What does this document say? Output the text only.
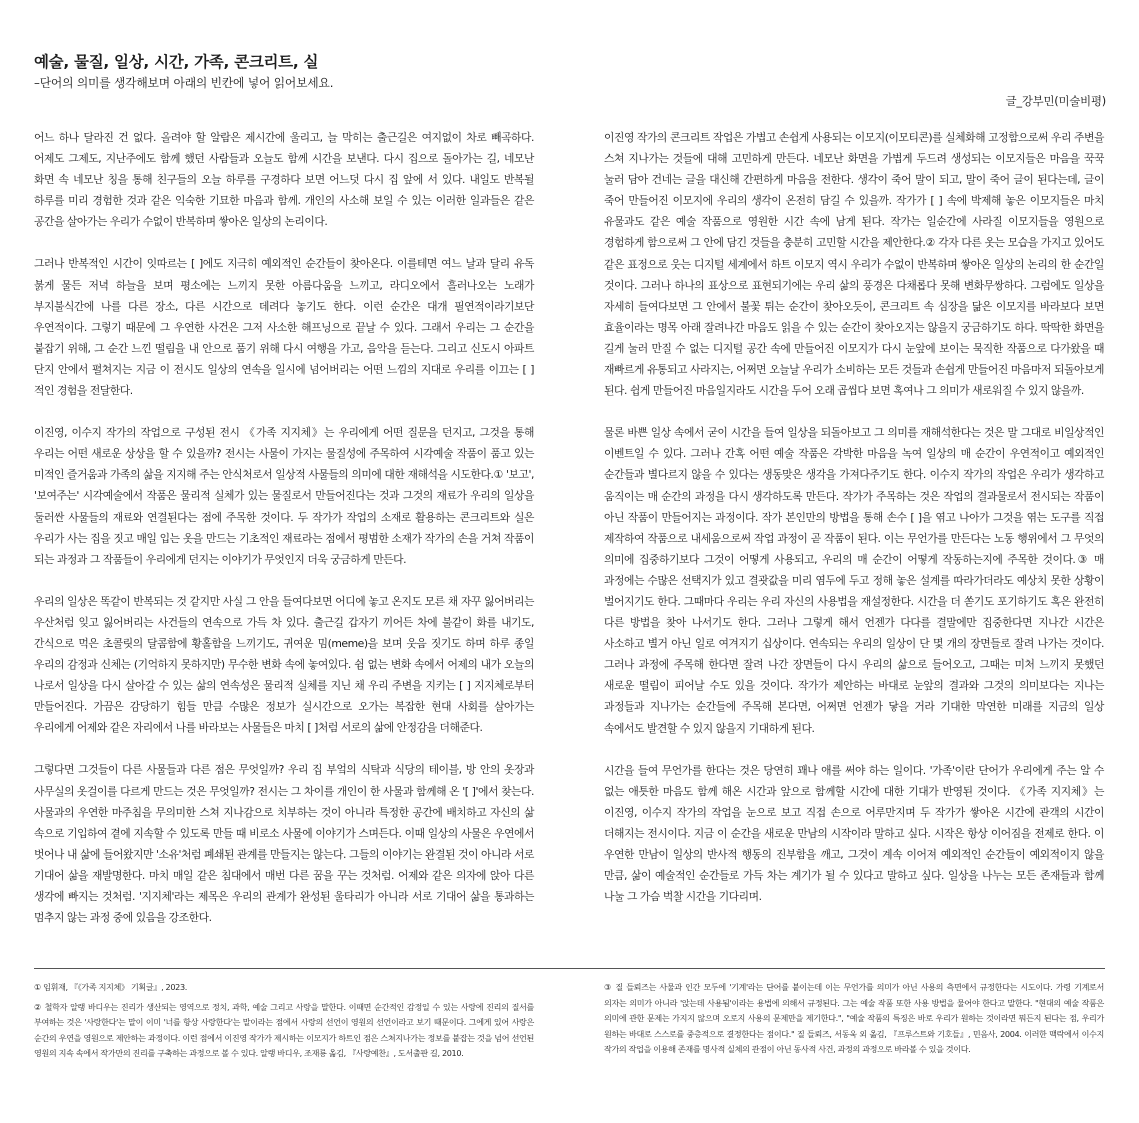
예술, 물질, 일상, 시간, 가족, 콘크리트, 실

–단어의 의미를 생각해보며 아래의 빈칸에 넣어 읽어보세요.

글_강부민(미술비평)

어느 하나 달라진 건 없다. 올려야 할 알람은 제시간에 울리고, 늘 막히는 출근길은 여지없이 차로 빼곡하다. 어제도 그제도, 지난주에도 함께 했던 사람들과 오늘도 함께 시간을 보낸다. 다시 집으로 돌아가는 길, 네모난 화면 속 네모난 칭을 통해 친구들의 오늘 하루를 구경하다 보면 어느덧 다시 집 앞에 서 있다. 내일도 반복될 하루를 미리 경험한 것과 같은 익숙한 기묘한 마음과 함께. 개인의 사소해 보일 수 있는 이러한 일과들은 같은 공간을 살아가는 우리가 수없이 반복하며 쌓아온 일상의 논리이다.

그러나 반복적인 시간이 잇따르는 [ ]에도 지극히 예외적인 순간들이 찾아온다. 이를테면 여느 날과 달리 유독 붉게 물든 저녁 하늘을 보며 평소에는 느끼지 못한 아름다움을 느끼고, 라디오에서 흘러나오는 노래가 부지불식간에 나를 다른 장소, 다른 시간으로 데려다 놓기도 한다. 이런 순간은 대개 필연적이라기보단 우연적이다. 그렇기 때문에 그 우연한 사건은 그저 사소한 해프닝으로 끝날 수 있다. 그래서 우리는 그 순간을 붙잡기 위해, 그 순간 느낀 떨림을 내 안으로 품기 위해 다시 여행을 가고, 음악을 듣는다. 그리고 신도시 아파트 단지 안에서 펼쳐지는 지금 이 전시도 일상의 연속을 일시에 넘어버리는 어떤 느낌의 지대로 우리를 이끄는 [ ]적인 경험을 전달한다.

이진영, 이수지 작가의 작업으로 구성된 전시 《가족 지지체》는 우리에게 어떤 질문을 던지고, 그것을 통해 우리는 어떤 새로운 상상을 할 수 있을까? 전시는 사물이 가지는 물질성에 주목하여 시각예술 작품이 품고 있는 미적인 즐거움과 가족의 삶을 지지해 주는 안식처로서 일상적 사물들의 의미에 대한 재해석을 시도한다.① '보고', '보여주는' 시각예술에서 작품은 물리적 실체가 있는 물질로서 만들어진다는 것과 그것의 재료가 우리의 일상을 둘러싼 사물들의 재료와 연결된다는 점에 주목한 것이다. 두 작가가 작업의 소재로 활용하는 콘크리트와 실은 우리가 사는 집을 짓고 매일 입는 옷을 만드는 기초적인 재료라는 점에서 평범한 소재가 작가의 손을 거쳐 작품이 되는 과정과 그 작품들이 우리에게 던지는 이야기가 무엇인지 더욱 궁금하게 만든다.

우리의 일상은 똑같이 반복되는 것 같지만 사실 그 안을 들여다보면 어디에 놓고 온지도 모른 채 자꾸 잃어버리는 우산처럼 잊고 잃어버리는 사건들의 연속으로 가득 차 있다. 출근길 갑자기 끼어든 차에 불같이 화를 내기도, 간식으로 먹은 초콜릿의 달콤함에 황홀함을 느끼기도, 귀여운 밈(meme)을 보며 웃음 짓기도 하며 하루 종일 우리의 감정과 신체는 (기억하지 못하지만) 무수한 변화 속에 놓여있다. 쉼 없는 변화 속에서 어제의 내가 오늘의 나로서 일상을 다시 살아갈 수 있는 삶의 연속성은 물리적 실체를 지닌 채 우리 주변을 지키는 [ ] 지지체로부터 만들어진다. 가끔은 감당하기 힘들 만큼 수많은 정보가 실시간으로 오가는 복잡한 현대 사회를 살아가는 우리에게 어제와 같은 자리에서 나를 바라보는 사물들은 마치 [ ]처럼 서로의 삶에 안정감을 더해준다.

그렇다면 그것들이 다른 사물들과 다른 점은 무엇일까? 우리 집 부엌의 식탁과 식당의 테이블, 방 안의 옷장과 사무실의 옷걸이를 다르게 만드는 것은 무엇일까? 전시는 그 차이를 개인이 한 사물과 함께해 온 '[ ]'에서 찾는다. 사물과의 우연한 마주침을 무의미한 스쳐 지나감으로 치부하는 것이 아니라 특정한 공간에 배치하고 자신의 삶 속으로 기입하여 곁에 지속할 수 있도록 만들 때 비로소 사물에 이야기가 스며든다. 이때 일상의 사물은 우연에서 벗어나 내 삶에 들어왔지만 '소유'처럼 폐쇄된 관계를 만들지는 않는다. 그들의 이야기는 완결된 것이 아니라 서로 기대어 삶을 재발명한다. 마치 매일 같은 침대에서 매번 다른 꿈을 꾸는 것처럼. 어제와 같은 의자에 앉아 다른 생각에 빠지는 것처럼. '지지체'라는 제목은 우리의 관계가 완성된 울타리가 아니라 서로 기대어 삶을 통과하는 멈추지 않는 과정 중에 있음을 강조한다.

이진영 작가의 콘크리트 작업은 가볍고 손쉽게 사용되는 이모지(이모티콘)를 실체화해 고정함으로써 우리 주변을 스쳐 지나가는 것들에 대해 고민하게 만든다. 네모난 화면을 가볍게 두드려 생성되는 이모지들은 마음을 꾹꾹 눌러 담아 건네는 글을 대신해 간편하게 마음을 전한다. 생각이 죽어 말이 되고, 말이 죽어 글이 된다는데, 글이 죽어 만들어진 이모지에 우리의 생각이 온전히 담길 수 있을까. 작가가 [ ] 속에 박제해 놓은 이모지들은 마치 유물과도 같은 예술 작품으로 영원한 시간 속에 남게 된다. 작가는 일순간에 사라질 이모지들을 영원으로 경험하게 함으로써 그 안에 담긴 것들을 충분히 고민할 시간을 제안한다.② 각자 다른 옷는 모습을 가지고 있어도 같은 표정으로 웃는 디지털 세계에서 하트 이모지 역시 우리가 수없이 반복하며 쌓아온 일상의 논리의 한 순간일 것이다. 그러나 하나의 표상으로 표현되기에는 우리 삶의 풍경은 다채롭다 못해 변화무쌍하다. 그럼에도 일상을 자세히 들여다보면 그 안에서 불꽃 튀는 순간이 찾아오듯이, 콘크리트 속 심장을 닮은 이모지를 바라보다 보면 효율이라는 명목 아래 잘려나간 마음도 읽을 수 있는 순간이 찾아오지는 않을지 궁금하기도 하다. 딱딱한 화면을 길게 눌러 만질 수 없는 디지털 공간 속에 만들어진 이모지가 다시 눈앞에 보이는 묵직한 작품으로 다가왔을 때 재빠르게 유통되고 사라지는, 어쩌면 오늘날 우리가 소비하는 모든 것들과 손쉽게 만들어진 마음마저 되돌아보게 된다. 쉽게 만들어진 마음일지라도 시간을 두어 오래 곱씹다 보면 혹여나 그 의미가 새로워질 수 있지 않을까.

물론 바쁜 일상 속에서 굳이 시간을 들여 일상을 되돌아보고 그 의미를 재해석한다는 것은 말 그대로 비일상적인 이벤트일 수 있다. 그러나 간혹 어떤 예술 작품은 각박한 마음을 녹여 일상의 매 순간이 우연적이고 예외적인 순간들과 별다르지 않을 수 있다는 생동맞은 생각을 가져다주기도 한다. 이수지 작가의 작업은 우리가 생각하고 움직이는 매 순간의 과정을 다시 생각하도록 만든다. 작가가 주목하는 것은 작업의 결과물로서 전시되는 작품이 아닌 작품이 만들어지는 과정이다. 작가 본인만의 방법을 통해 손수 [ ]을 엮고 나아가 그것을 엮는 도구를 직접 제작하여 작품으로 내세움으로써 작업 과정이 곧 작품이 된다. 이는 무언가를 만든다는 노동 행위에서 그 무엇의 의미에 집중하기보다 그것이 어떻게 사용되고, 우리의 매 순간이 어떻게 작동하는지에 주목한 것이다.③ 매 과정에는 수많은 선택지가 있고 결괏값을 미리 염두에 두고 정해 놓은 설계를 따라가더라도 예상치 못한 상황이 벌어지기도 한다. 그때마다 우리는 우리 자신의 사용법을 재설정한다. 시간을 더 쏟기도 포기하기도 혹은 완전히 다른 방법을 찾아 나서기도 한다. 그러나 그렇게 해서 언젠가 다다를 결말에만 집중한다면 지나간 시간은 사소하고 별거 아닌 일로 여겨지기 십상이다. 연속되는 우리의 일상이 단 몇 개의 장면들로 잘려 나가는 것이다. 그러나 과정에 주목해 한다면 잘려 나간 장면들이 다시 우리의 삶으로 들어오고, 그때는 미처 느끼지 못했던 새로운 떨림이 피어날 수도 있을 것이다. 작가가 제안하는 바대로 눈앞의 결과와 그것의 의미보다는 지나는 과정들과 지나가는 순간들에 주목해 본다면, 어쩌면 언젠가 닿을 거라 기대한 막연한 미래를 지금의 일상 속에서도 발견할 수 있지 않을지 기대하게 된다.

시간을 들여 무언가를 한다는 것은 당연히 꽤나 애를 써야 하는 일이다. '가족'이란 단어가 우리에게 주는 알 수 없는 애틋한 마음도 함께 해온 시간과 앞으로 함께할 시간에 대한 기대가 반영된 것이다. 《가족 지지체》는 이진영, 이수지 작가의 작업을 눈으로 보고 직접 손으로 어루만지며 두 작가가 쌓아온 시간에 관객의 시간이 더해지는 전시이다. 지금 이 순간을 새로운 만남의 시작이라 말하고 싶다. 시작은 항상 이어짐을 전제로 한다. 이 우연한 만남이 일상의 반사적 행동의 진부함을 깨고, 그것이 계속 이어져 예외적인 순간들이 예외적이지 않을 만큼, 삶이 예술적인 순간들로 가득 차는 계기가 될 수 있다고 말하고 싶다. 일상을 나누는 모든 존재들과 함께 나눌 그 가슴 벅찰 시간을 기다리며.

① 임휘재, 『《가족 지지체》 기획글』, 2023.

② 철학자 알랭 바디우는 진리가 생산되는 영역으로 정치, 과학, 예술 그리고 사랑을 말한다. 이때면 순간적인 감정일 수 있는 사랑에 진리의 질서를 부여하는 것은 '사랑한다'는 말이 이미 '너를 항상 사랑한다'는 말이라는 점에서 사랑의 선언이 영원의 선언이라고 보기 때문이다. 그에게 있어 사랑은 순간의 우연을 영원으로 제안하는 과정이다. 이런 점에서 이진영 작가가 제시하는 이모지가 하트인 점은 스쳐지나가는 정보를 붙잡는 것을 넘어 선언된 영원의 지속 속에서 작가만의 진리를 구축하는 과정으로 볼 수 있다. 알랭 바디우, 조재룡 옮김, 『사랑예찬』, 도서출판 길, 2010.

③ 질 들뢰즈는 사물과 인간 모두에 '기계'라는 단어를 붙이는데 이는 무언가를 의미가 아닌 사용의 측면에서 규정한다는 시도이다. 가령 기계로서 의자는 의미가 아니라 '앉는데 사용됨'이라는 용법에 의해서 규정된다. 그는 예술 작품 또한 사용 방법을 물어야 한다고 말한다. "현대의 예술 작품은 의미에 관한 문제는 가지지 않으며 오로지 사용의 문제만을 제기한다.", "예술 작품의 특징은 바로 우리가 원하는 것이라면 뭐든지 된다는 점, 우리가 원하는 바대로 스스로를 중층적으로 결정한다는 점이다." 질 들뢰즈, 서동욱 외 옮김, 『프루스트와 기호들』, 민음사, 2004. 이러한 맥락에서 이수지 작가의 작업을 이용해 존재를 명사적 실체의 관점이 아닌 동사적 사건, 과정의 과정으로 바라볼 수 있을 것이다.
